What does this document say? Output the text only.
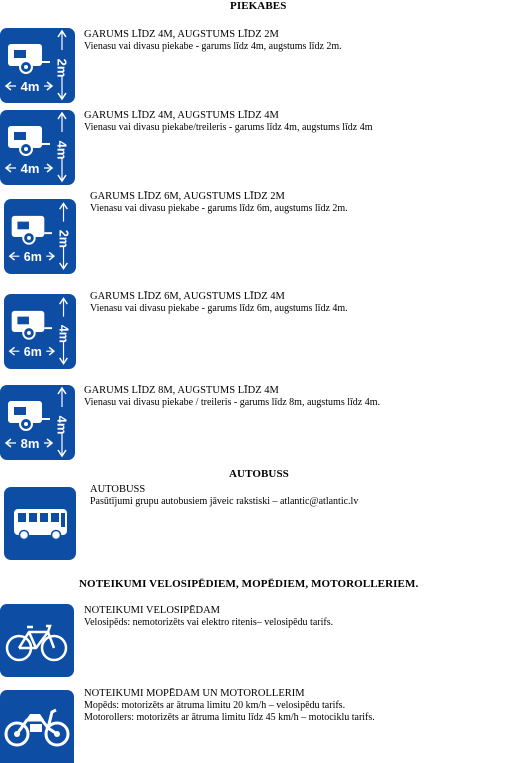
PIEKABES
AUTOBUSS
NOTEIKUMI VELOSIPĒDIEM, MOPĒDIEM, MOTOROLLERIEM.
4m
2m
GARUMS LĪDZ 4M, AUGSTUMS LĪDZ 2M
Vienasu vai divasu piekabe - garums līdz 4m, augstums līdz 2m.
4m
4m
GARUMS LĪDZ 4M, AUGSTUMS LĪDZ 4M
Vienasu vai divasu piekabe/treileris - garums līdz 4m, augstums līdz 4m
6m
2m
GARUMS LĪDZ 6M, AUGSTUMS LĪDZ 2M
Vienasu vai divasu piekabe - garums līdz 6m, augstums līdz 2m.
6m
4m
GARUMS LĪDZ 6M, AUGSTUMS LĪDZ 4M
Vienasu vai divasu piekabe - garums līdz 6m, augstums līdz 4m.
8m
4m
GARUMS LĪDZ 8M, AUGSTUMS LĪDZ 4M
Vienasu vai divasu piekabe / treileris - garums līdz 8m, augstums līdz 4m.
AUTOBUSS
Pasūtījumi grupu autobusiem jāveic rakstiski – atlantic@atlantic.lv
NOTEIKUMI VELOSIPĒDAM
Velosipēds: nemotorizēts vai elektro ritenis– velosipēdu tarifs.
NOTEIKUMI MOPĒDAM UN MOTOROLLERIM
Mopēds: motorizēts ar ātruma limitu 20 km/h – velosipēdu tarifs.
Motorollers: motorizēts ar ātruma limitu līdz 45 km/h – motociklu tarifs.
